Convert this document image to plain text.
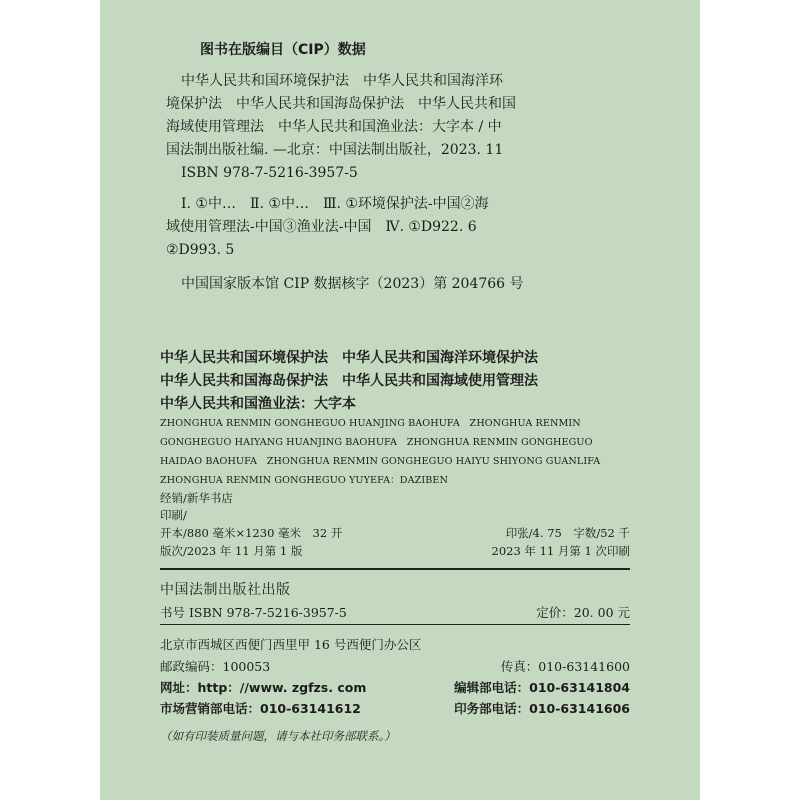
图书在版编目（CIP）数据
中华人民共和国环境保护法　中华人民共和国海洋环
境保护法　中华人民共和国海岛保护法　中华人民共和国
海域使用管理法　中华人民共和国渔业法：大字本 / 中
国法制出版社编. —北京：中国法制出版社，2023. 11
ISBN 978-7-5216-3957-5
Ⅰ. ①中…　Ⅱ. ①中…　Ⅲ. ①环境保护法-中国②海
域使用管理法-中国③渔业法-中国　Ⅳ. ①D922. 6
②D993. 5
中国国家版本馆 CIP 数据核字（2023）第 204766 号
中华人民共和国环境保护法　中华人民共和国海洋环境保护法
中华人民共和国海岛保护法　中华人民共和国海域使用管理法
中华人民共和国渔业法：大字本
ZHONGHUA RENMIN GONGHEGUO HUANJING BAOHUFA　ZHONGHUA RENMIN
GONGHEGUO HAIYANG HUANJING BAOHUFA　ZHONGHUA RENMIN GONGHEGUO
HAIDAO BAOHUFA　ZHONGHUA RENMIN GONGHEGUO HAIYU SHIYONG GUANLIFA
ZHONGHUA RENMIN GONGHEGUO YUYEFA：DAZIBEN
经销/新华书店
印刷/
开本/880 毫米×1230 毫米　32 开	印张/4. 75　字数/52 千
版次/2023 年 11 月第 1 版	2023 年 11 月第 1 次印刷
中国法制出版社出版
书号 ISBN 978-7-5216-3957-5	定价：20. 00 元
北京市西城区西便门西里甲 16 号西便门办公区
邮政编码：100053	传真：010-63141600
网址：http：//www. zgfzs. com	编辑部电话：010-63141804
市场营销部电话：010-63141612	印务部电话：010-63141606
（如有印装质量问题，请与本社印务部联系。）
